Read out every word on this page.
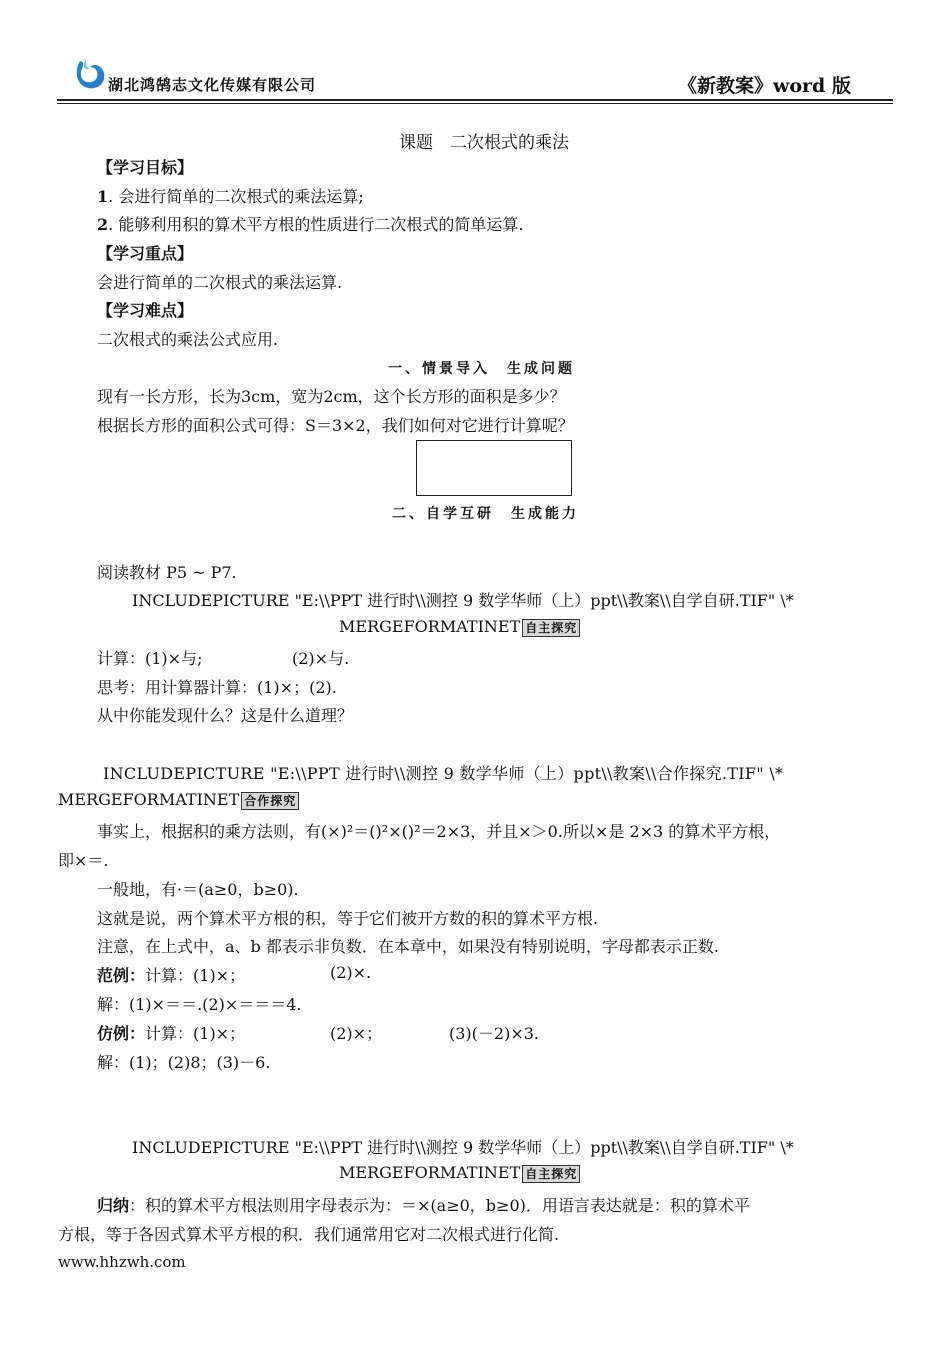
湖北鸿鹄志文化传媒有限公司	《新教案》word 版
课题　二次根式的乘法
【学习目标】
1. 会进行简单的二次根式的乘法运算;
2. 能够利用积的算术平方根的性质进行二次根式的简单运算.
【学习重点】
会进行简单的二次根式的乘法运算.
【学习难点】
二次根式的乘法公式应用.
一、情景导入　生成问题
现有一长方形，长为3cm，宽为2cm，这个长方形的面积是多少？
根据长方形的面积公式可得：S＝3×2，我们如何对它进行计算呢？
二、自学互研　生成能力
阅读教材 P5 ~ P7.
INCLUDEPICTURE "E:\\PPT 进行时\\测控 9 数学华师（上）ppt\\教案\\自学自研.TIF" \*
MERGEFORMATINET 自主探究
计算：(1)×与;	(2)×与.
思考：用计算器计算：(1)×；(2).
从中你能发现什么？这是什么道理？
INCLUDEPICTURE "E:\\PPT 进行时\\测控 9 数学华师（上）ppt\\教案\\合作探究.TIF" \*
MERGEFORMATINET 合作探究
事实上，根据积的乘方法则，有(×)²＝()²×()²＝2×3，并且×＞0.所以×是 2×3 的算术平方根，
即×＝.
一般地，有·＝(a≥0，b≥0).
这就是说，两个算术平方根的积，等于它们被开方数的积的算术平方根.
注意，在上式中，a、b 都表示非负数．在本章中，如果没有特别说明，字母都表示正数.
范例：计算：(1)×；	(2)×.
解：(1)×＝＝.(2)×＝＝＝4.
仿例：计算：(1)×；	(2)×；	(3)(－2)×3.
解：(1)；(2)8；(3)－6.
INCLUDEPICTURE "E:\\PPT 进行时\\测控 9 数学华师（上）ppt\\教案\\自学自研.TIF" \*
MERGEFORMATINET 自主探究
归纳：积的算术平方根法则用字母表示为：＝×(a≥0，b≥0)．用语言表达就是：积的算术平
方根，等于各因式算术平方根的积．我们通常用它对二次根式进行化简.
www.hhzwh.com
